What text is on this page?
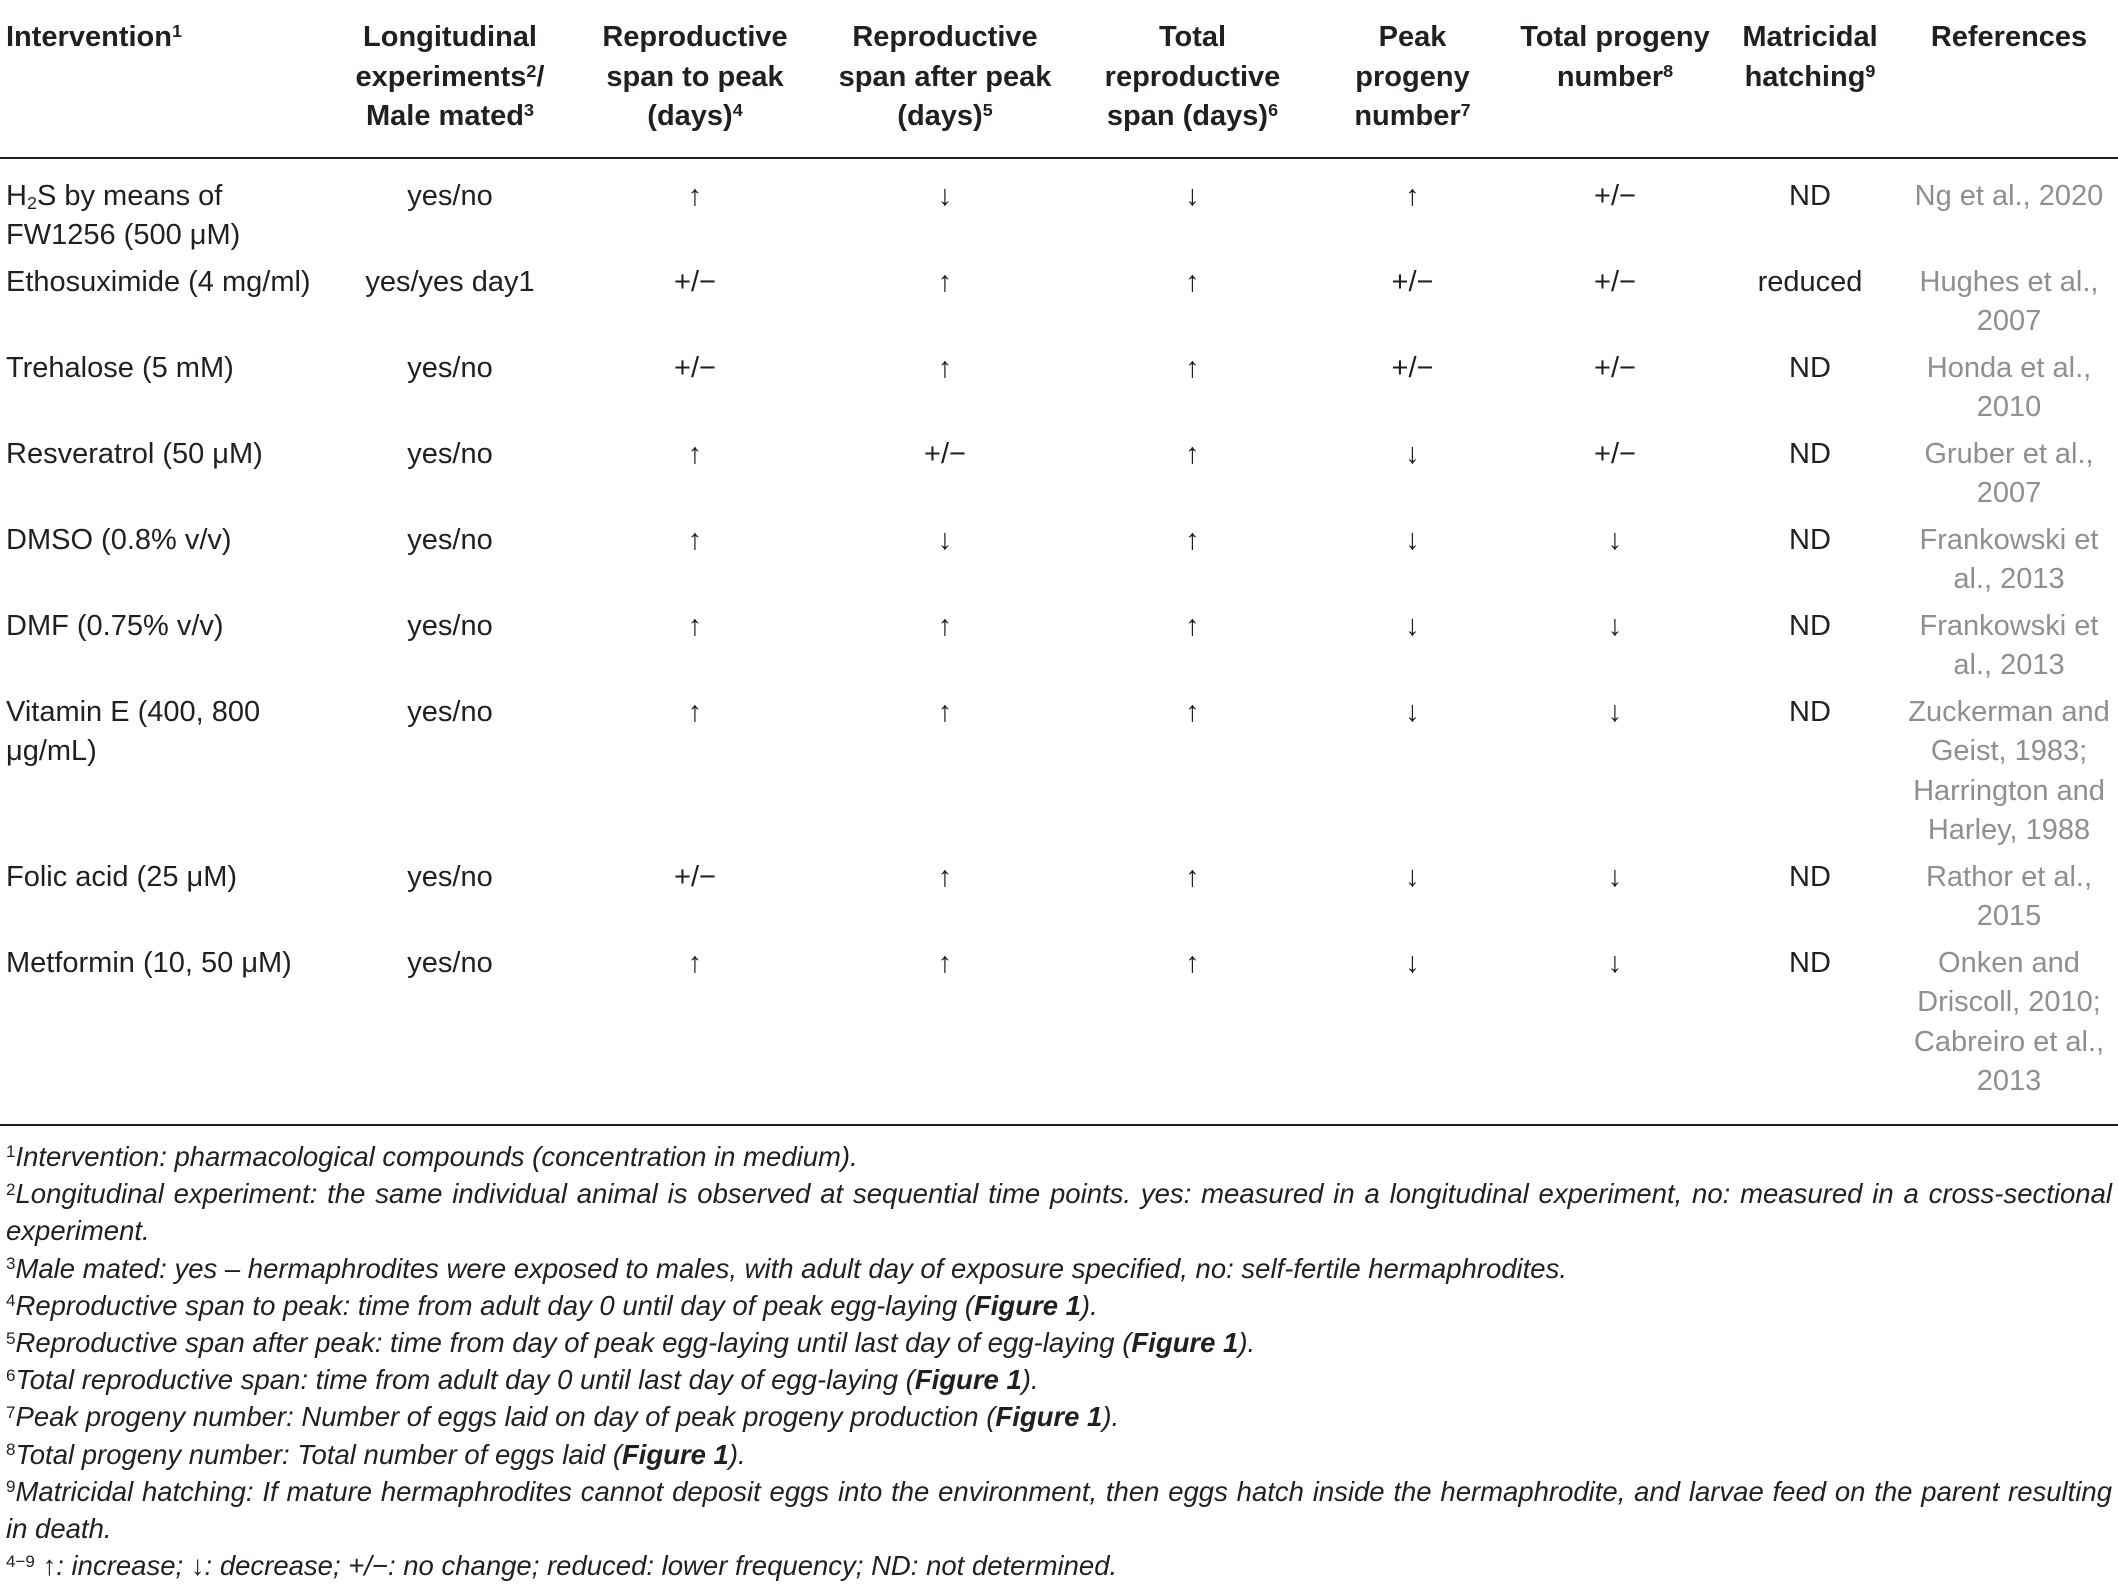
Intervention$^1$	Longitudinal experiments$^2$/ Male mated$^3$	Reproductive span to peak (days)$^4$	Reproductive span after peak (days)$^5$	Total reproductive span (days)$^6$	Peak progeny number$^7$	Total progeny number$^8$	Matricidal hatching$^9$	References
$H_2S$ by means of FW1256 (500 μM)	yes/no	↑	↓	↓	↑	+/−	ND	Ng et al., 2020
Ethosuximide (4 mg/ml)	yes/yes day1	+/−	↑	↑	+/−	+/−	reduced	Hughes et al., 2007
Trehalose (5 mM)	yes/no	+/−	↑	↑	+/−	+/−	ND	Honda et al., 2010
Resveratrol (50 μM)	yes/no	↑	+/−	↑	↓	+/−	ND	Gruber et al., 2007
DMSO (0.8% v/v)	yes/no	↑	↓	↑	↓	↓	ND	Frankowski et al., 2013
DMF (0.75% v/v)	yes/no	↑	↑	↑	↓	↓	ND	Frankowski et al., 2013
Vitamin E (400, 800 μg/mL)	yes/no	↑	↑	↑	↓	↓	ND	Zuckerman and Geist, 1983; Harrington and Harley, 1988
Folic acid (25 μM)	yes/no	+/−	↑	↑	↓	↓	ND	Rathor et al., 2015
Metformin (10, 50 μM)	yes/no	↑	↑	↑	↓	↓	ND	Onken and Driscoll, 2010; Cabreiro et al., 2013

$^1$Intervention: pharmacological compounds (concentration in medium).

$^2$Longitudinal experiment: the same individual animal is observed at sequential time points. yes: measured in a longitudinal experiment, no: measured in a cross-sectional experiment.

$^3$Male mated: yes – hermaphrodites were exposed to males, with adult day of exposure specified, no: self-fertile hermaphrodites.

$^4$Reproductive span to peak: time from adult day 0 until day of peak egg-laying (Figure 1).

$^5$Reproductive span after peak: time from day of peak egg-laying until last day of egg-laying (Figure 1).

$^6$Total reproductive span: time from adult day 0 until last day of egg-laying (Figure 1).

$^7$Peak progeny number: Number of eggs laid on day of peak progeny production (Figure 1).

$^8$Total progeny number: Total number of eggs laid (Figure 1).

$^9$Matricidal hatching: If mature hermaphrodites cannot deposit eggs into the environment, then eggs hatch inside the hermaphrodite, and larvae feed on the parent resulting in death.

$^{4-9}$ ↑: increase; ↓: decrease; +/−: no change; reduced: lower frequency; ND: not determined.
